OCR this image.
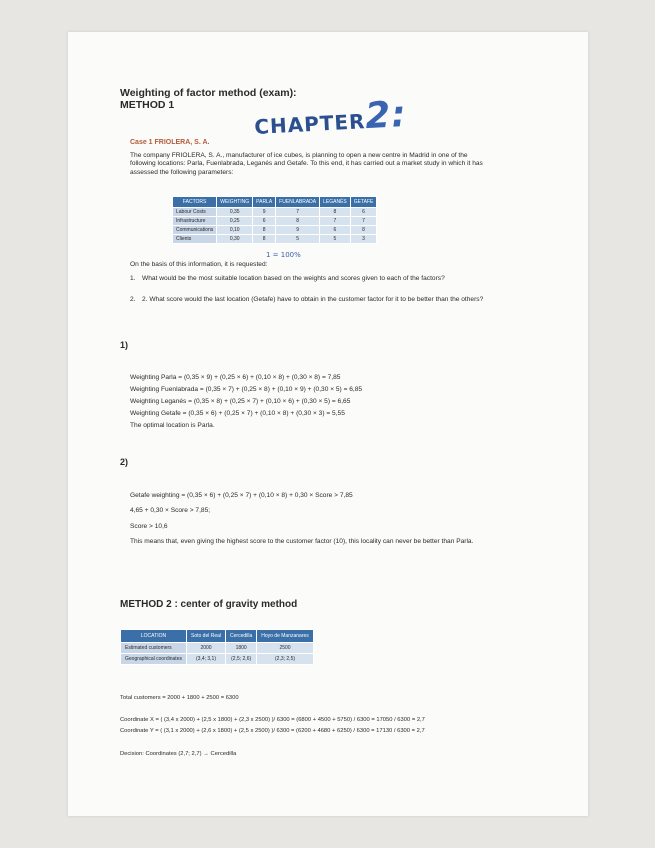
Weighting of factor method (exam):
METHOD 1
CHAPTER2:
Case 1 FRIOLERA, S. A.
The company FRIOLERA, S. A., manufacturer of ice cubes, is planning to open a new centre in Madrid in one of the following locations: Parla, Fuenlabrada, Leganés and Getafe. To this end, it has carried out a market study in which it has assessed the following parameters:
FACTORS	WEIGHTING	PARLA	FUENLABRADA	LEGANÉS	GETAFE
Labour Costs	0,35	9	7	8	6
Infrastructure	0,25	6	8	7	7
Communications	0,10	8	9	6	8
Clients	0,30	8	5	5	3
1 = 100%
On the basis of this information, it is requested:
1. What would be the most suitable location based on the weights and scores given to each of the factors?
2. 2. What score would the last location (Getafe) have to obtain in the customer factor for it to be better than the others?
1)
Weighting Parla = (0,35 × 9) + (0,25 × 6) + (0,10 × 8) + (0,30 × 8) = 7,85
Weighting Fuenlabrada = (0,35 × 7) + (0,25 × 8) + (0,10 × 9) + (0,30 × 5) = 6,85
Weighting Leganés = (0,35 × 8) + (0,25 × 7) + (0,10 × 6) + (0,30 × 5) = 6,65
Weighting Getafe = (0,35 × 6) + (0,25 × 7) + (0,10 × 8) + (0,30 × 3) = 5,55
The optimal location is Parla.
2)
Getafe weighting = (0,35 × 6) + (0,25 × 7) + (0,10 × 8) + 0,30 × Score > 7,85
4,65 + 0,30 × Score > 7,85;
Score > 10,6
This means that, even giving the highest score to the customer factor (10), this locality can never be better than Parla.
METHOD 2 : center of gravity method
LOCATION	Soto del Real	Cercedilla	Hoyo de Manzanares
Estimated customers	2000	1800	2500
Geographical coordinates	(3,4; 3,1)	(2,5; 2,6)	(2,3; 2,5)
Total customers = 2000 + 1800 + 2500 = 6300
Coordinate X = ( (3,4 x 2000) + (2,5 x 1800) + (2,3 x 2500) )/ 6300 = (6800 + 4500 + 5750) / 6300 = 17050 / 6300 = 2,7
Coordinate Y = ( (3,1 x 2000) + (2,6 x 1800) + (2,5 x 2500) )/ 6300 = (6200 + 4680 + 6250) / 6300 = 17130 / 6300 = 2,7
Decision: Coordinates (2,7; 2,7) → Cercedilla
